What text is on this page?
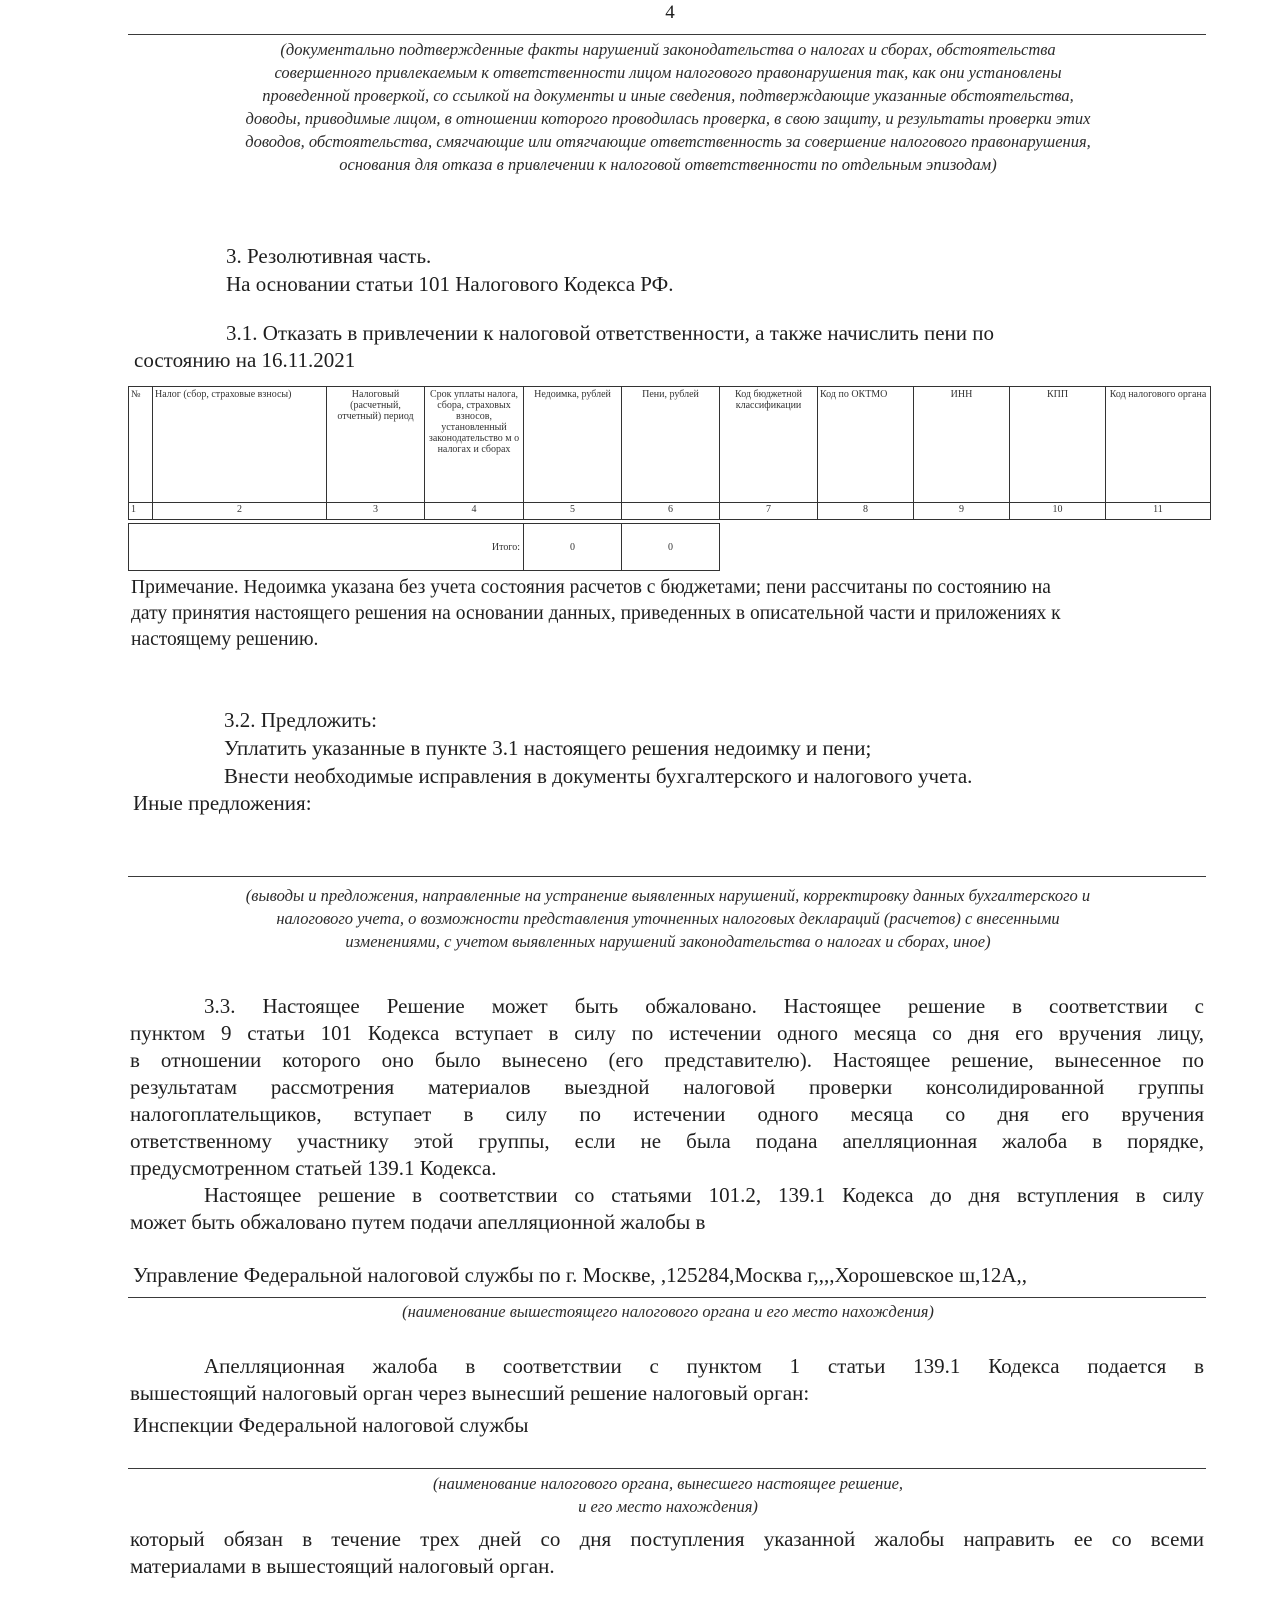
4
(документально подтвержденные факты нарушений законодательства о налогах и сборах, обстоятельства
совершенного привлекаемым к ответственности лицом налогового правонарушения так, как они установлены
проведенной проверкой, со ссылкой на документы и иные сведения, подтверждающие указанные обстоятельства,
доводы, приводимые лицом, в отношении которого проводилась проверка, в свою защиту, и результаты проверки этих
доводов, обстоятельства, смягчающие или отягчающие ответственность за совершение налогового правонарушения,
основания для отказа в привлечении к налоговой ответственности по отдельным эпизодам)
3. Резолютивная часть.
На основании статьи 101 Налогового Кодекса РФ.
3.1. Отказать в привлечении к налоговой ответственности, а также начислить пени по
состоянию на 16.11.2021
№	Налог (сбор, страховые взносы)	Налоговый (расчетный, отчетный) период	Срок уплаты налога, сбора, страховых взносов, установленный законодательство м о налогах и сборах	Недоимка, рублей	Пени, рублей	Код бюджетной классификации	Код по ОКТМО	ИНН	КПП	Код налогового органа
1	2	3	4	5	6	7	8	9	10	11
Итого:	0	0
Примечание. Недоимка указана без учета состояния расчетов с бюджетами; пени рассчитаны по состоянию на
дату принятия настоящего решения на основании данных, приведенных в описательной части и приложениях к
настоящему решению.
3.2. Предложить:
Уплатить указанные в пункте 3.1 настоящего решения недоимку и пени;
Внести необходимые исправления в документы бухгалтерского и налогового учета.
Иные предложения:
(выводы и предложения, направленные на устранение выявленных нарушений, корректировку данных бухгалтерского и
налогового учета, о возможности представления уточненных налоговых деклараций (расчетов) с внесенными
изменениями, с учетом выявленных нарушений законодательства о налогах и сборах, иное)
3.3. Настоящее Решение может быть обжаловано. Настоящее решение в соответствии с
пунктом 9 статьи 101 Кодекса вступает в силу по истечении одного месяца со дня его вручения лицу,
в отношении которого оно было вынесено (его представителю). Настоящее решение, вынесенное по
результатам рассмотрения материалов выездной налоговой проверки консолидированной группы
налогоплательщиков, вступает в силу по истечении одного месяца со дня его вручения
ответственному участнику этой группы, если не была подана апелляционная жалоба в порядке,
предусмотренном статьей 139.1 Кодекса.
Настоящее решение в соответствии со статьями 101.2, 139.1 Кодекса до дня вступления в силу
может быть обжаловано путем подачи апелляционной жалобы в
Управление Федеральной налоговой службы по г. Москве, ,125284,Москва г,,,,Хорошевское ш,12А,,
(наименование вышестоящего налогового органа и его место нахождения)
Апелляционная жалоба в соответствии с пунктом 1 статьи 139.1 Кодекса подается в
вышестоящий налоговый орган через вынесший решение налоговый орган:
Инспекции Федеральной налоговой службы
(наименование налогового органа, вынесшего настоящее решение,
и его место нахождения)
который обязан в течение трех дней со дня поступления указанной жалобы направить ее со всеми
материалами в вышестоящий налоговый орган.
